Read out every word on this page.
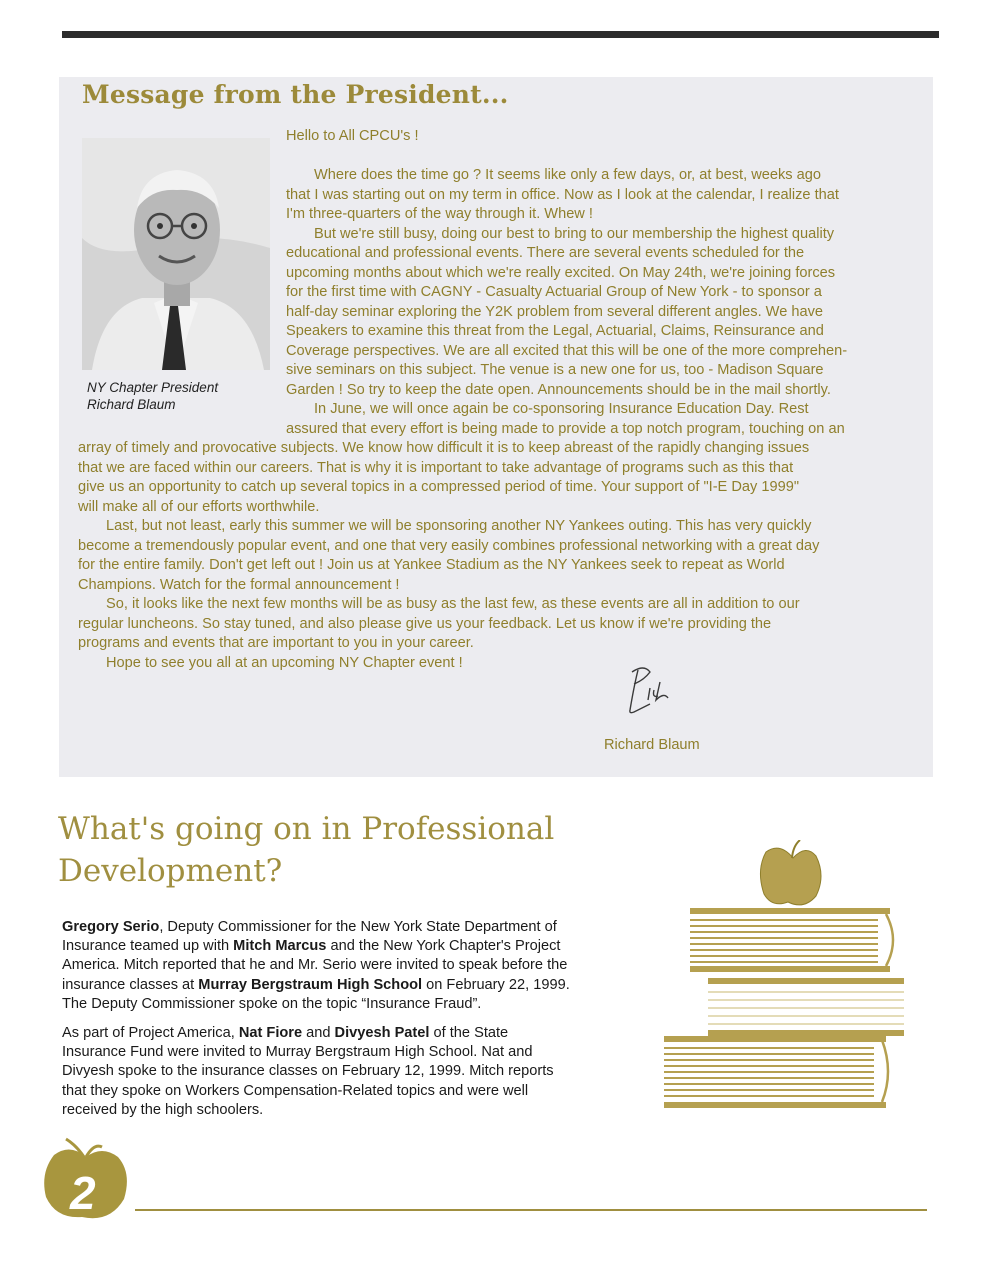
Message from the President...
NY Chapter President
Richard Blaum
Hello to All CPCU's !
Where does the time go ? It seems like only a few days, or, at best, weeks ago
that I was starting out on my term in office. Now as I look at the calendar, I realize that
I'm three-quarters of the way through it. Whew !
But we're still busy, doing our best to bring to our membership the highest quality
educational and professional events. There are several events scheduled for the
upcoming months about which we're really excited. On May 24th, we're joining forces
for the first time with CAGNY - Casualty Actuarial Group of New York - to sponsor a
half-day seminar exploring the Y2K problem from several different angles. We have
Speakers to examine this threat from the Legal, Actuarial, Claims, Reinsurance and
Coverage perspectives. We are all excited that this will be one of the more comprehen-
sive seminars on this subject. The venue is a new one for us, too - Madison Square
Garden ! So try to keep the date open. Announcements should be in the mail shortly.
In June, we will once again be co-sponsoring Insurance Education Day. Rest
assured that every effort is being made to provide a top notch program, touching on an
array of timely and provocative subjects. We know how difficult it is to keep abreast of the rapidly changing issues
that we are faced within our careers. That is why it is important to take advantage of programs such as this that
give us an opportunity to catch up several topics in a compressed period of time. Your support of "I-E Day 1999"
will make all of our efforts worthwhile.
Last, but not least, early this summer we will be sponsoring another NY Yankees outing. This has very quickly
become a tremendously popular event, and one that very easily combines professional networking with a great day
for the entire family. Don't get left out ! Join us at Yankee Stadium as the NY Yankees seek to repeat as World
Champions. Watch for the formal announcement !
So, it looks like the next few months will be as busy as the last few, as these events are all in addition to our
regular luncheons. So stay tuned, and also please give us your feedback. Let us know if we're providing the
programs and events that are important to you in your career.
Hope to see you all at an upcoming NY Chapter event !
Richard Blaum
What's going on in Professional
Development?

Gregory Serio, Deputy Commissioner for the New York State Department of
Insurance teamed up with Mitch Marcus and the New York Chapter's Project
America. Mitch reported that he and Mr. Serio were invited to speak before the
insurance classes at Murray Bergstraum High School on February 22, 1999.
The Deputy Commissioner spoke on the topic “Insurance Fraud”.

As part of Project America, Nat Fiore and Divyesh Patel of the State
Insurance Fund were invited to Murray Bergstraum High School. Nat and
Divyesh spoke to the insurance classes on February 12, 1999. Mitch reports
that they spoke on Workers Compensation-Related topics and were well
received by the high schoolers.

2
